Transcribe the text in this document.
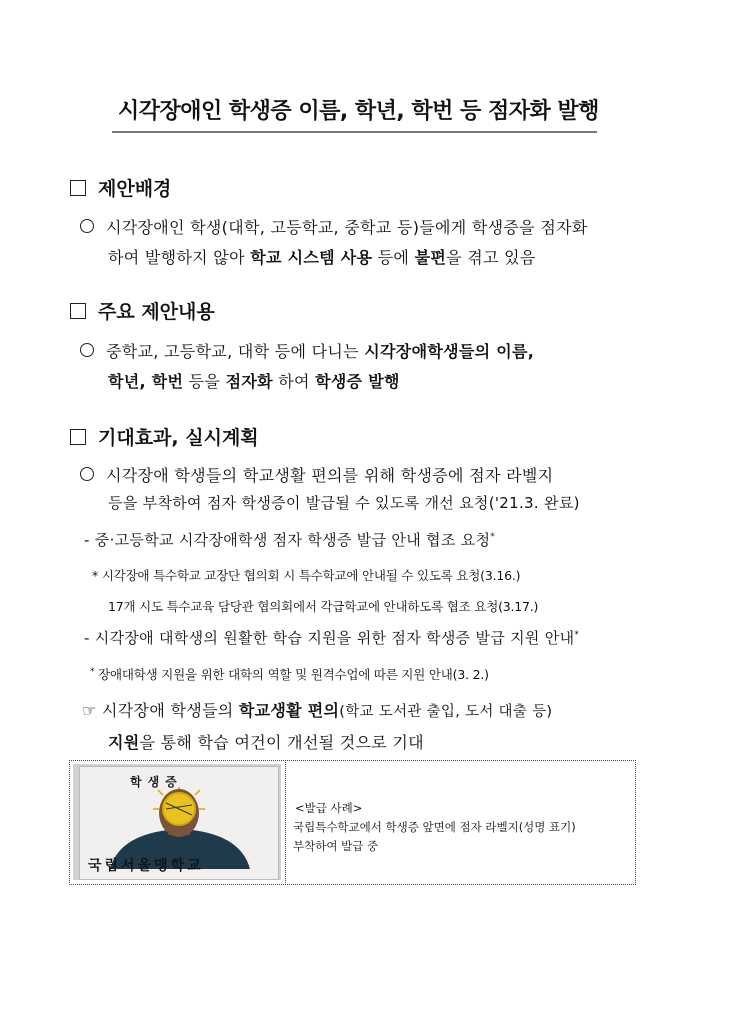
시각장애인 학생증 이름, 학년, 학번 등 점자화 발행
제안배경
시각장애인 학생(대학, 고등학교, 중학교 등)들에게 학생증을 점자화
하여 발행하지 않아 학교 시스템 사용 등에 불편을 겪고 있음
주요 제안내용
중학교, 고등학교, 대학 등에 다니는 시각장애학생들의 이름,
학년, 학번 등을 점자화 하여 학생증 발행
기대효과, 실시계획
시각장애 학생들의 학교생활 편의를 위해 학생증에 점자 라벨지
등을 부착하여 점자 학생증이 발급될 수 있도록 개선 요청('21.3. 완료)
- 중·고등학교 시각장애학생 점자 학생증 발급 안내 협조 요청*
* 시각장애 특수학교 교장단 협의회 시 특수학교에 안내될 수 있도록 요청(3.16.)
17개 시도 특수교육 담당관 협의회에서 각급학교에 안내하도록 협조 요청(3.17.)
- 시각장애 대학생의 원활한 학습 지원을 위한 점자 학생증 발급 지원 안내*
* 장애대학생 지원을 위한 대학의 역할 및 원격수업에 따른 지원 안내(3. 2.)
☞ 시각장애 학생들의 학교생활 편의(학교 도서관 출입, 도서 대출 등)
지원을 통해 학습 여건이 개선될 것으로 기대
학생증
국립서울맹학교
<발급 사례>
국립특수학교에서 학생증 앞면에 점자 라벨지(성명 표기)
부착하여 발급 중
